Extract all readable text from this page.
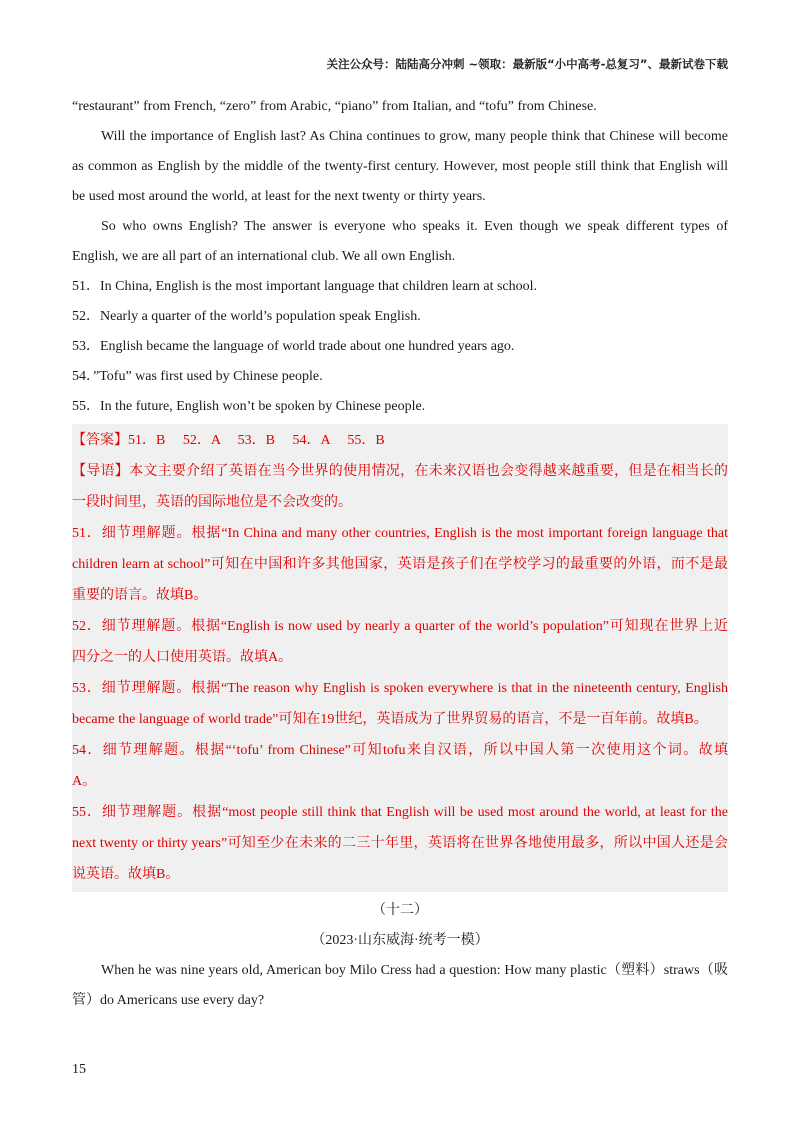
关注公众号：陆陆高分冲刺 ~领取：最新版“小中高考-总复习”、最新试卷下载
“restaurant” from French, “zero” from Arabic, “piano” from Italian, and “tofu” from Chinese.
Will the importance of English last? As China continues to grow, many people think that Chinese will become
as common as English by the middle of the twenty-first century. However, most people still think that English will
be used most around the world, at least for the next twenty or thirty years.
So who owns English? The answer is everyone who speaks it. Even though we speak different types of
English, we are all part of an international club. We all own English.
51．In China, English is the most important language that children learn at school.
52．Nearly a quarter of the world’s population speak English.
53．English became the language of world trade about one hundred years ago.
54．”Tofu” was first used by Chinese people.
55．In the future, English won’t be spoken by Chinese people.
【答案】51．B　 52．A　 53．B　 54．A　 55．B
【导语】本文主要介绍了英语在当今世界的使用情况，在未来汉语也会变得越来越重要，但是在相当长的
一段时间里，英语的国际地位是不会改变的。
51．细节理解题。根据“In China and many other countries, English is the most important foreign language that
children learn at school”可知在中国和许多其他国家，英语是孩子们在学校学习的最重要的外语，而不是最
重要的语言。故填B。
52．细节理解题。根据“English is now used by nearly a quarter of the world’s population”可知现在世界上近
四分之一的人口使用英语。故填A。
53．细节理解题。根据“The reason why English is spoken everywhere is that in the nineteenth century, English
became the language of world trade”可知在19世纪，英语成为了世界贸易的语言，不是一百年前。故填B。
54．细节理解题。根据“‘tofu’ from Chinese”可知tofu来自汉语，所以中国人第一次使用这个词。故填
A。
55．细节理解题。根据“most people still think that English will be used most around the world, at least for the
next twenty or thirty years”可知至少在未来的二三十年里，英语将在世界各地使用最多，所以中国人还是会
说英语。故填B。
（十二）
（2023·山东威海·统考一模）
When he was nine years old, American boy Milo Cress had a question: How many plastic（塑料）straws（吸
管）do Americans use every day?
15
